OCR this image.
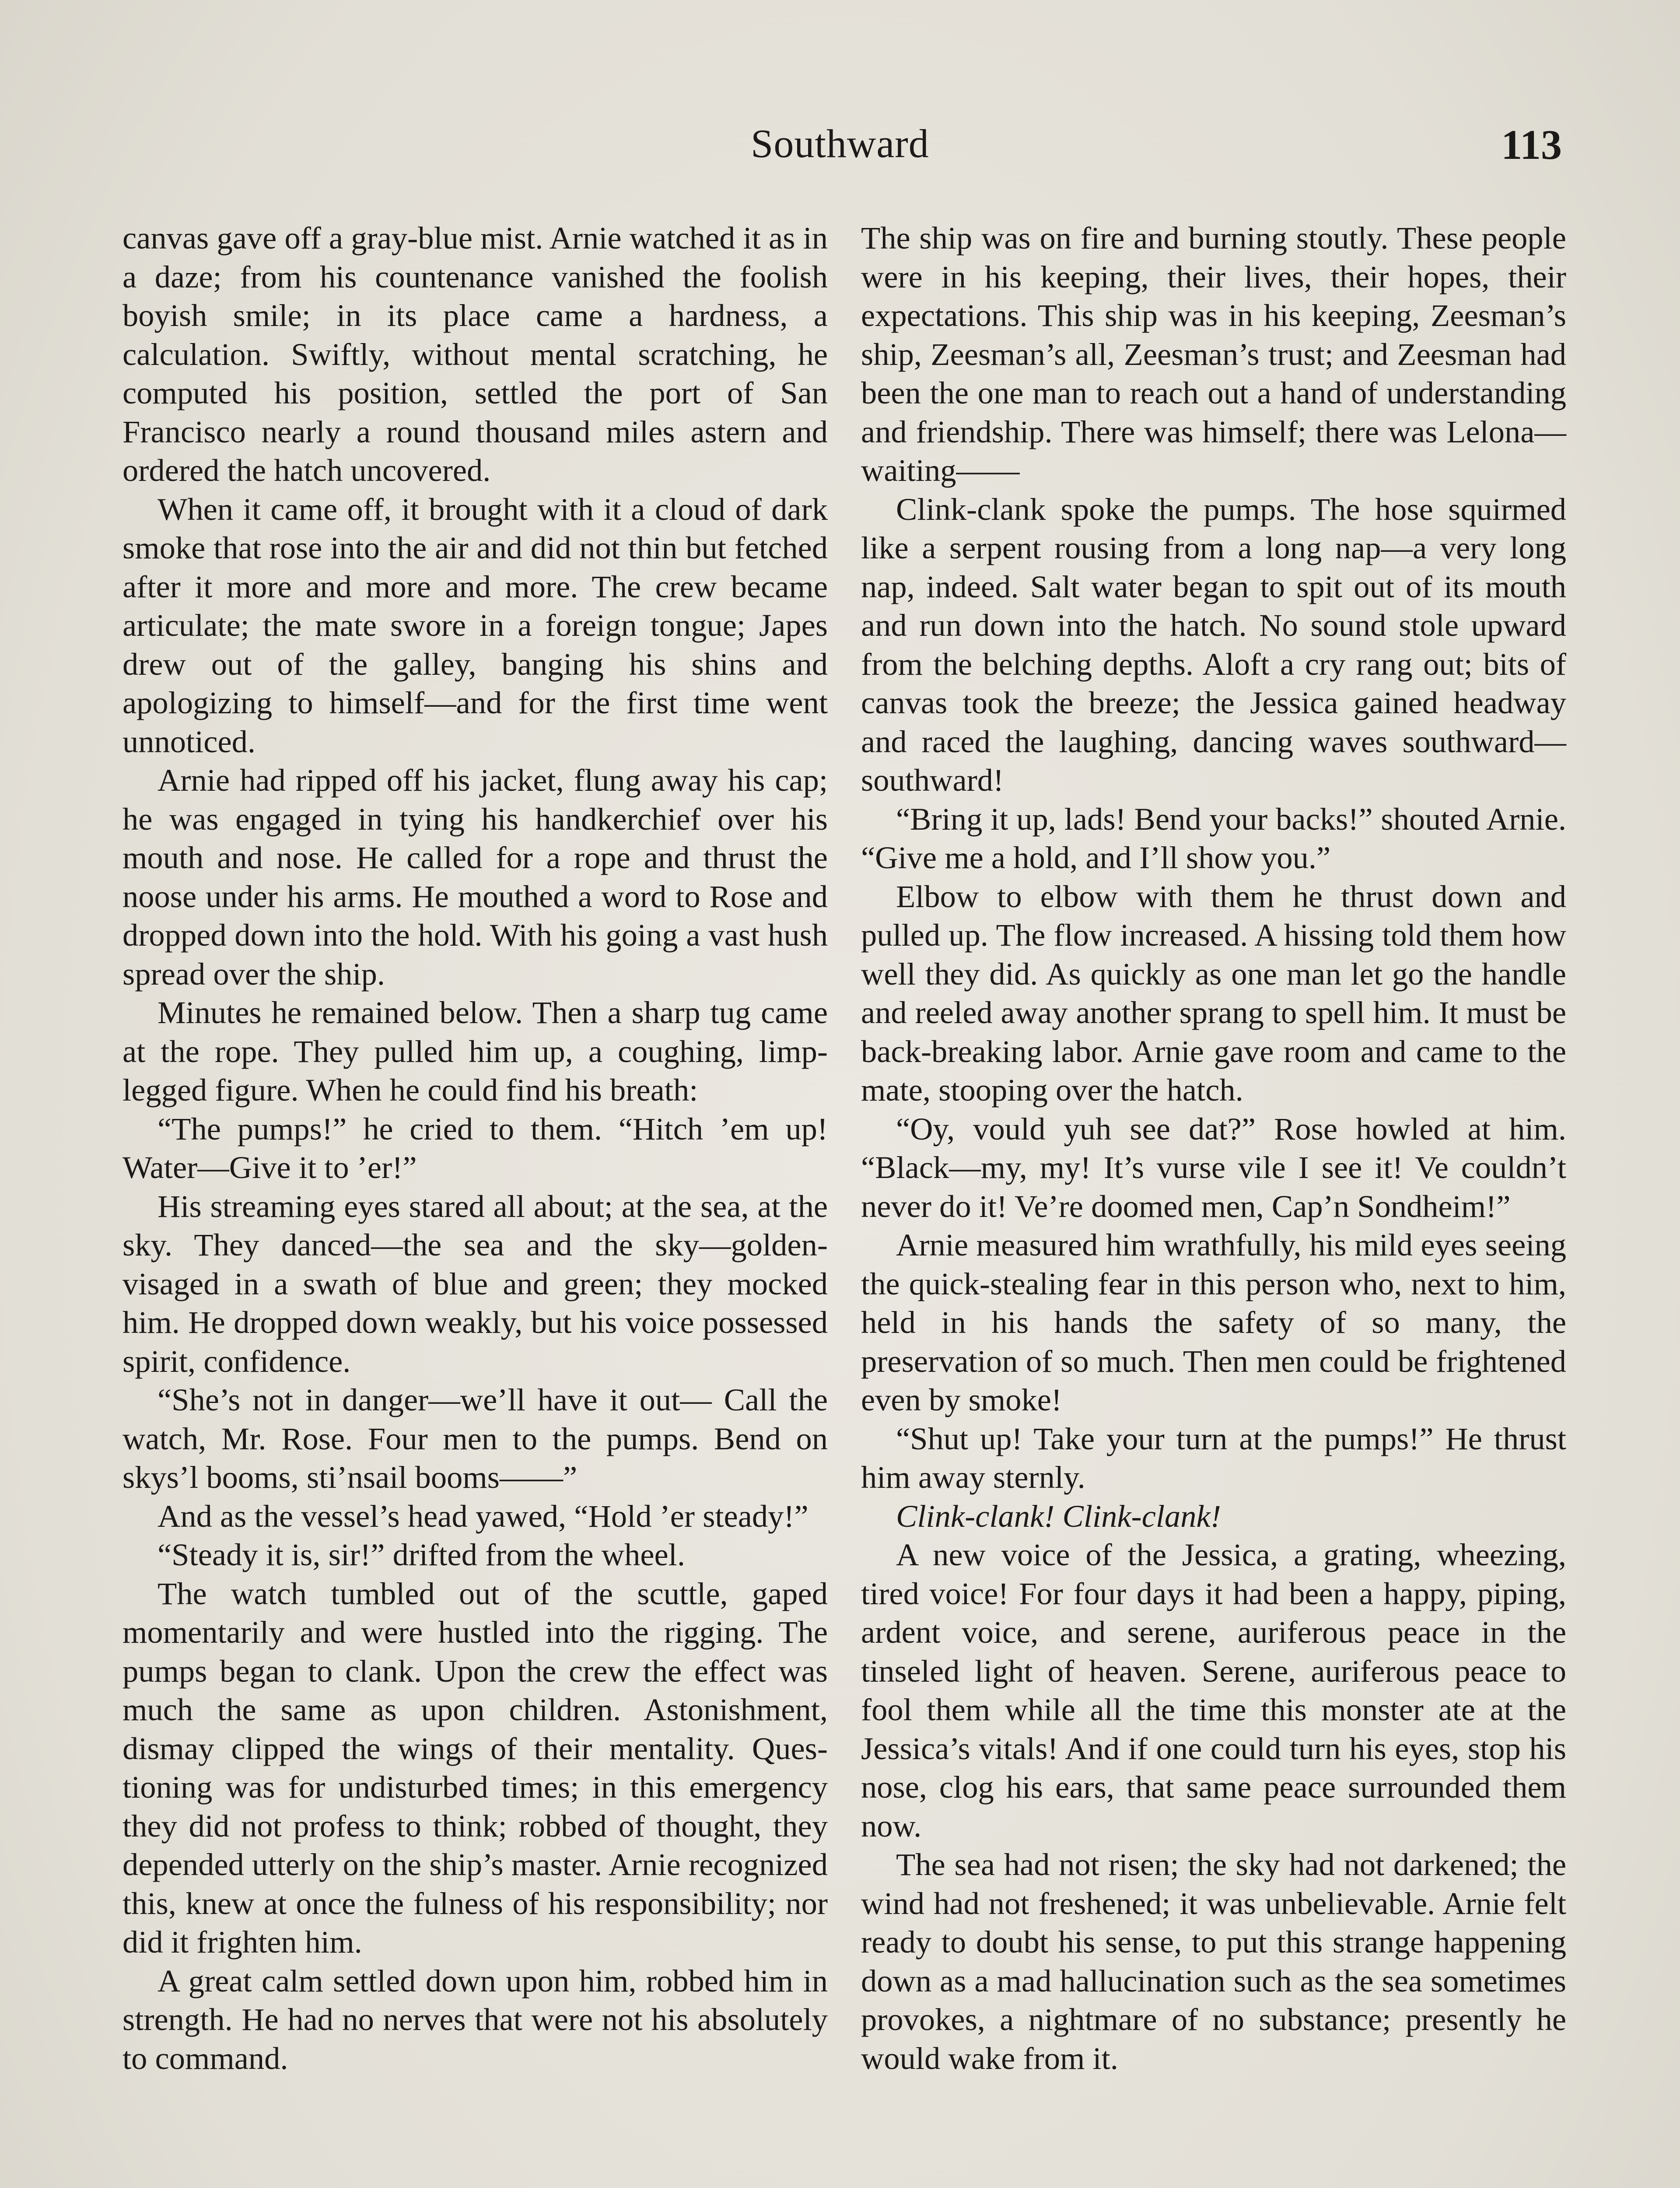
Southward	113

canvas gave off a gray-blue mist. Arnie watched it as in a daze; from his countenance vanished the foolish boyish smile; in its place came a hardness, a calculation. Swiftly, without mental scratching, he computed his position, settled the port of San Francisco nearly a round thousand miles astern and ordered the hatch uncovered.

When it came off, it brought with it a cloud of dark smoke that rose into the air and did not thin but fetched after it more and more and more. The crew became articulate; the mate swore in a foreign tongue; Japes drew out of the galley, banging his shins and apologizing to himself—and for the first time went unnoticed.

Arnie had ripped off his jacket, flung away his cap; he was engaged in tying his handkerchief over his mouth and nose. He called for a rope and thrust the noose under his arms. He mouthed a word to Rose and dropped down into the hold. With his going a vast hush spread over the ship.

Minutes he remained below. Then a sharp tug came at the rope. They pulled him up, a coughing, limp-legged figure. When he could find his breath:

“The pumps!” he cried to them. “Hitch ’em up! Water—Give it to ’er!”

His streaming eyes stared all about; at the sea, at the sky. They danced—the sea and the sky—golden-visaged in a swath of blue and green; they mocked him. He dropped down weakly, but his voice possessed spirit, confidence.

“She’s not in danger—we’ll have it out— Call the watch, Mr. Rose. Four men to the pumps. Bend on skys’l booms, sti’nsail booms——”

And as the vessel’s head yawed, “Hold ’er steady!”

“Steady it is, sir!” drifted from the wheel.

The watch tumbled out of the scuttle, gaped momentarily and were hustled into the rigging. The pumps began to clank. Upon the crew the effect was much the same as upon children. Astonishment, dismay clipped the wings of their mentality. Questioning was for undisturbed times; in this emergency they did not profess to think; robbed of thought, they depended utterly on the ship’s master. Arnie recognized this, knew at once the fulness of his responsibility; nor did it frighten him.

A great calm settled down upon him, robbed him in strength. He had no nerves that were not his absolutely to command.

The ship was on fire and burning stoutly. These people were in his keeping, their lives, their hopes, their expectations. This ship was in his keeping, Zeesman’s ship, Zeesman’s all, Zeesman’s trust; and Zeesman had been the one man to reach out a hand of understanding and friendship. There was himself; there was Lelona—waiting——

Clink-clank spoke the pumps. The hose squirmed like a serpent rousing from a long nap—a very long nap, indeed. Salt water began to spit out of its mouth and run down into the hatch. No sound stole upward from the belching depths. Aloft a cry rang out; bits of canvas took the breeze; the Jessica gained headway and raced the laughing, dancing waves southward—southward!

“Bring it up, lads! Bend your backs!” shouted Arnie. “Give me a hold, and I’ll show you.”

Elbow to elbow with them he thrust down and pulled up. The flow increased. A hissing told them how well they did. As quickly as one man let go the handle and reeled away another sprang to spell him. It must be back-breaking labor. Arnie gave room and came to the mate, stooping over the hatch.

“Oy, vould yuh see dat?” Rose howled at him. “Black—my, my! It’s vurse vile I see it! Ve couldn’t never do it! Ve’re doomed men, Cap’n Sondheim!”

Arnie measured him wrathfully, his mild eyes seeing the quick-stealing fear in this person who, next to him, held in his hands the safety of so many, the preservation of so much. Then men could be frightened even by smoke!

“Shut up! Take your turn at the pumps!” He thrust him away sternly.

Clink-clank! Clink-clank!

A new voice of the Jessica, a grating, wheezing, tired voice! For four days it had been a happy, piping, ardent voice, and serene, auriferous peace in the tinseled light of heaven. Serene, auriferous peace to fool them while all the time this monster ate at the Jessica’s vitals! And if one could turn his eyes, stop his nose, clog his ears, that same peace surrounded them now.

The sea had not risen; the sky had not darkened; the wind had not freshened; it was unbelievable. Arnie felt ready to doubt his sense, to put this strange happening down as a mad hallucination such as the sea sometimes provokes, a nightmare of no substance; presently he would wake from it.
